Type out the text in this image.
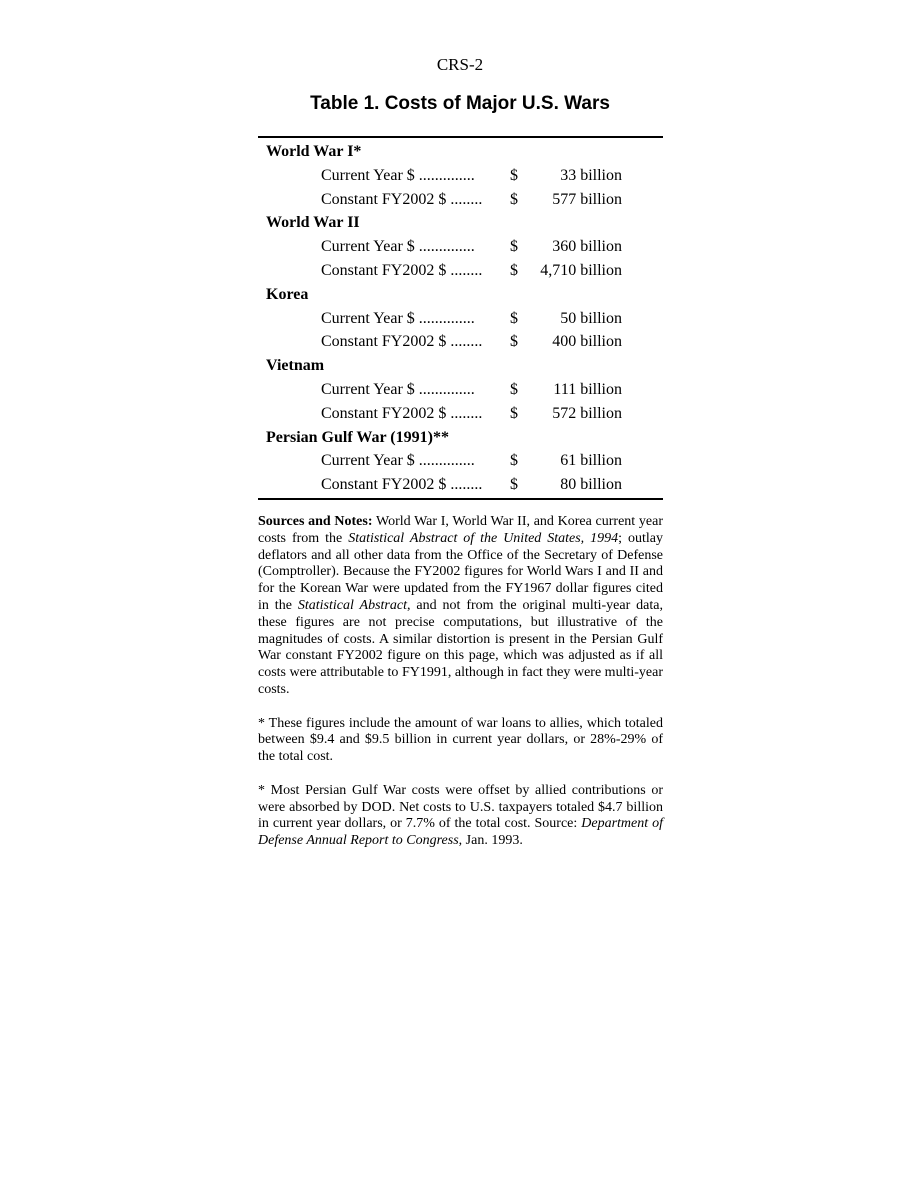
CRS-2
Table 1. Costs of Major U.S. Wars
World War I*
Current Year $ .............. $	33 billion
Constant FY2002 $ ........ $ 577 billion
World War II
Current Year $ .............. $ 360 billion
Constant FY2002 $ ........ $ 4,710 billion
Korea
Current Year $ .............. $	50 billion
Constant FY2002 $ ........ $ 400 billion
Vietnam
Current Year $ .............. $ 111 billion
Constant FY2002 $ ........ $ 572 billion
Persian Gulf War (1991)**
Current Year $ .............. $	61 billion
Constant FY2002 $ ........ $	80 billion

Sources and Notes: World War I, World War II, and Korea current year costs from the Statistical Abstract of the United States, 1994; outlay deflators and all other data from the Office of the Secretary of Defense (Comptroller). Because the FY2002 figures for World Wars I and II and for the Korean War were updated from the FY1967 dollar figures cited in the Statistical Abstract, and not from the original multi-year data, these figures are not precise computations, but illustrative of the magnitudes of costs. A similar distortion is present in the Persian Gulf War constant FY2002 figure on this page, which was adjusted as if all costs were attributable to FY1991, although in fact they were multi-year costs.

* These figures include the amount of war loans to allies, which totaled between $9.4 and $9.5 billion in current year dollars, or 28%-29% of the total cost.

* Most Persian Gulf War costs were offset by allied contributions or were absorbed by DOD. Net costs to U.S. taxpayers totaled $4.7 billion in current year dollars, or 7.7% of the total cost. Source: Department of Defense Annual Report to Congress, Jan. 1993.
